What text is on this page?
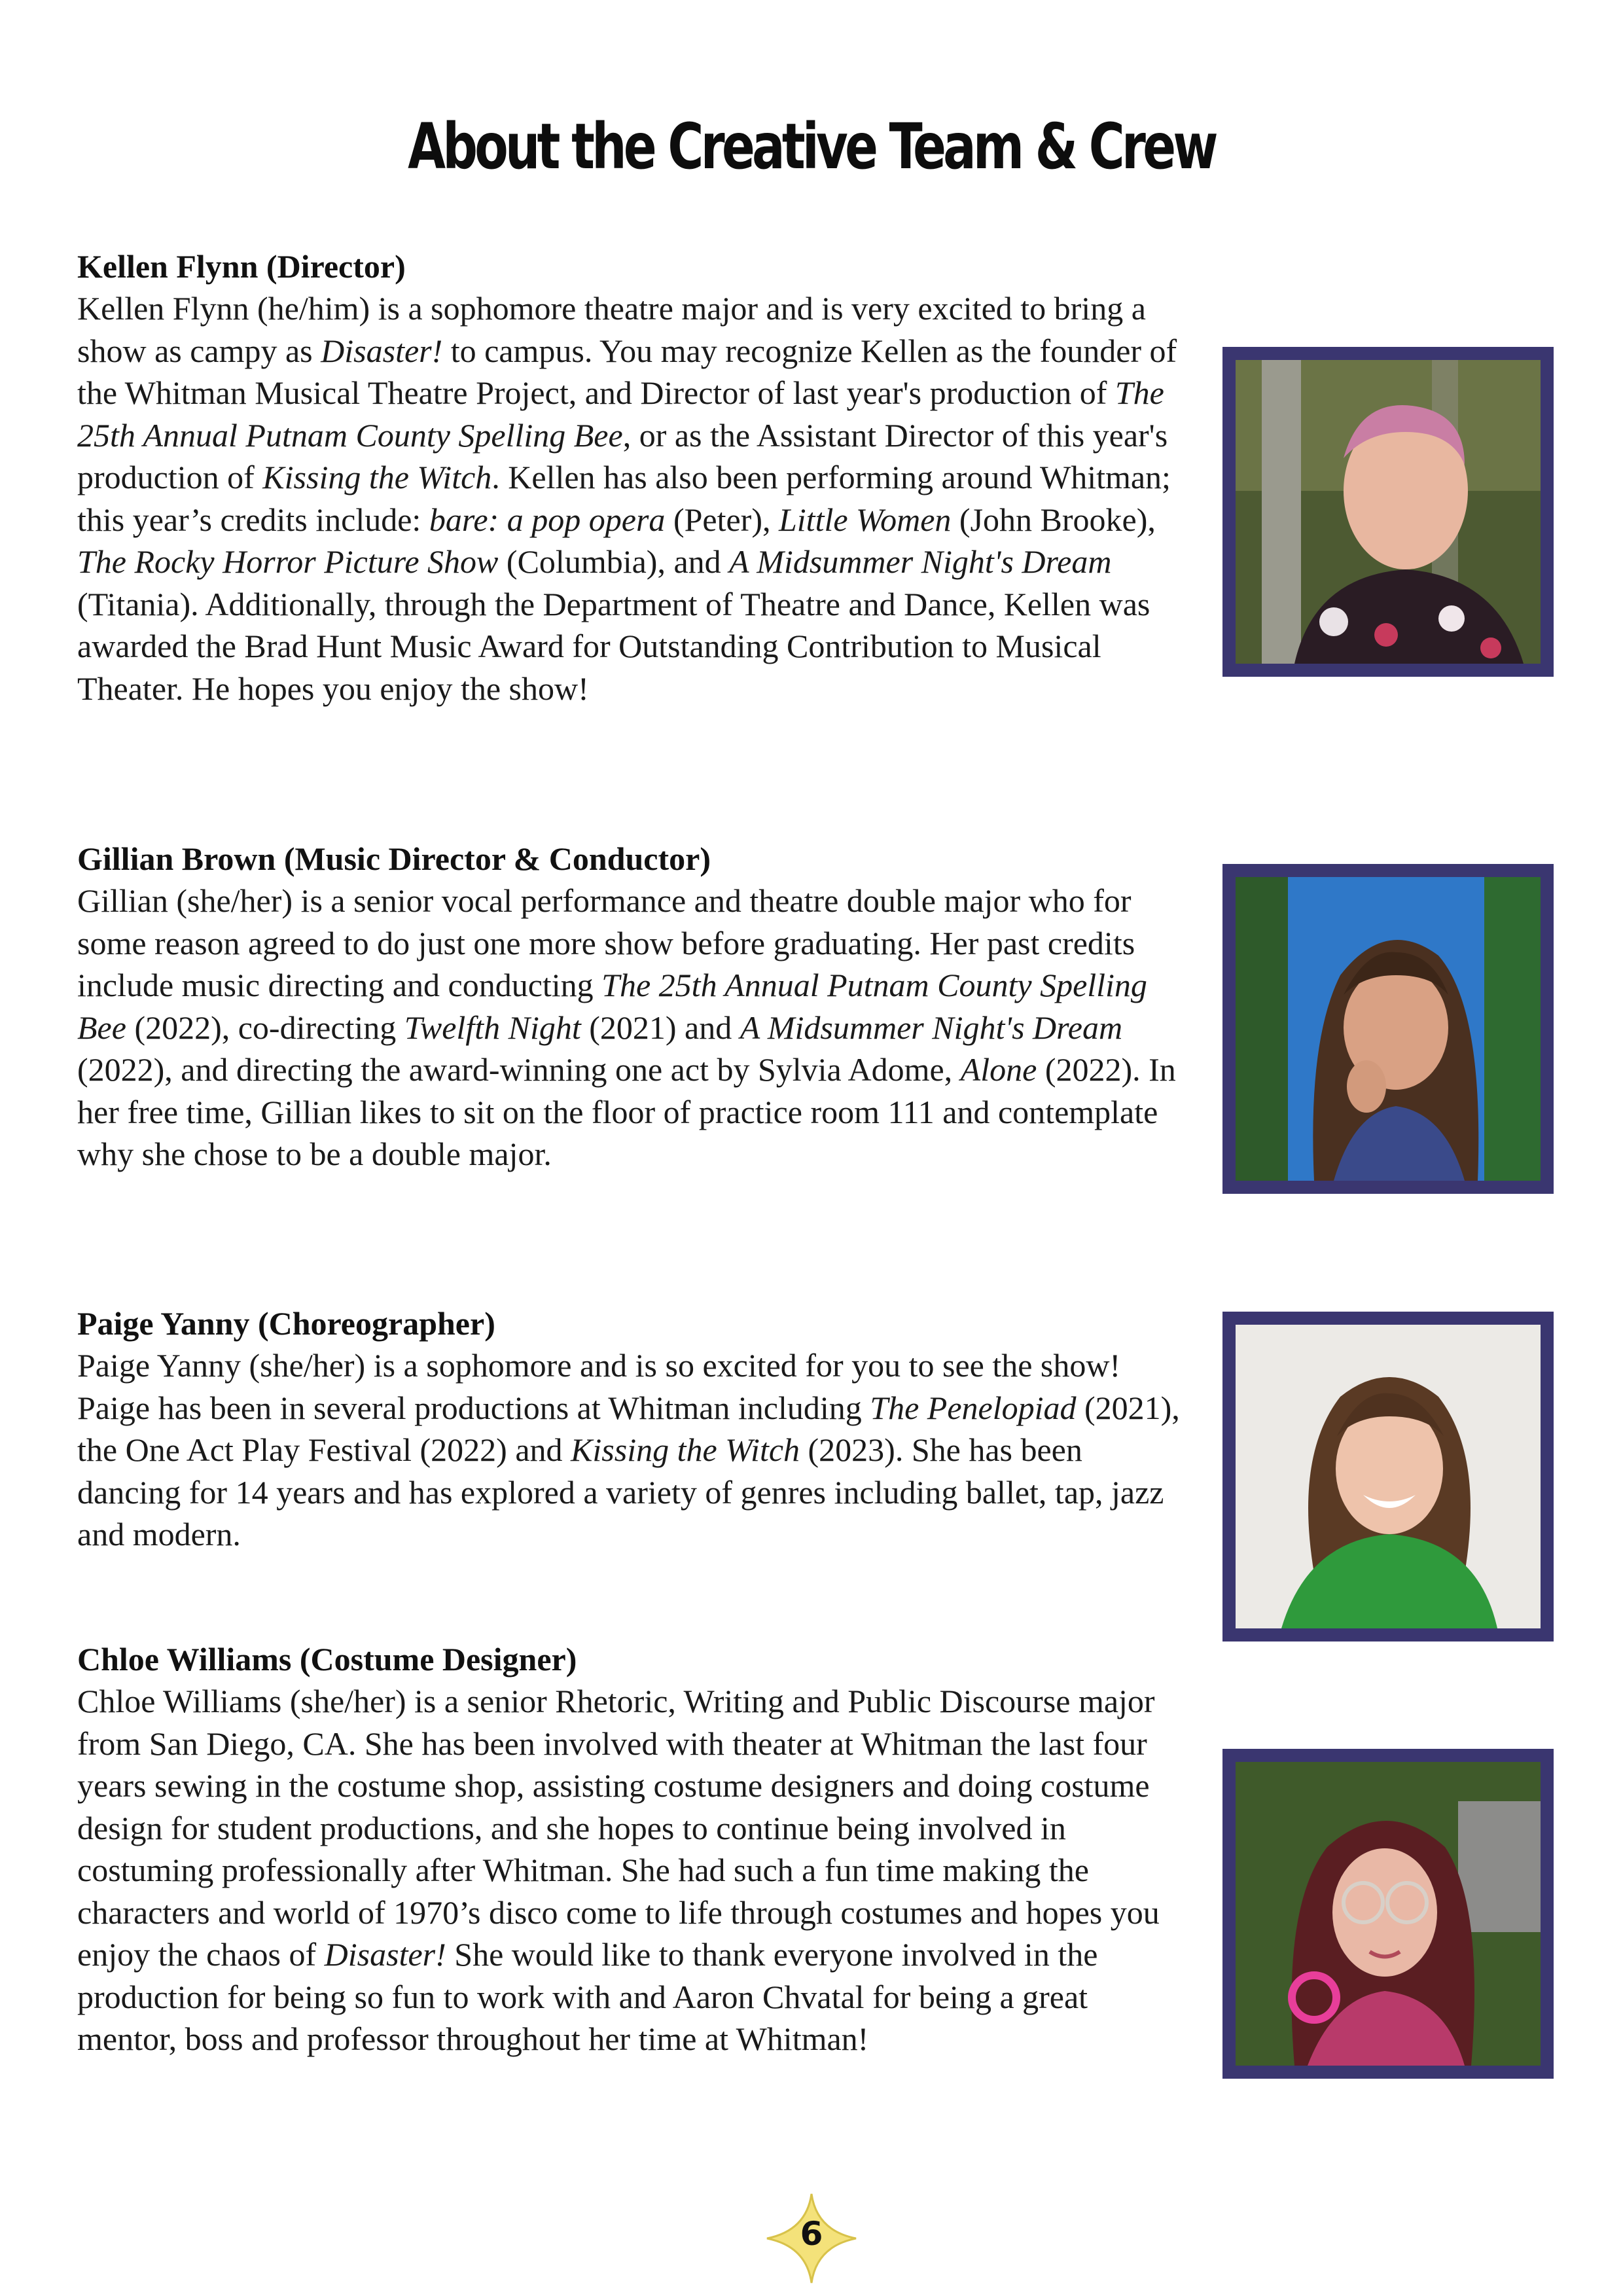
About the Creative Team & Crew
Kellen Flynn (Director)

Kellen Flynn (he/him) is a sophomore theatre major and is very excited to bring a show as campy as Disaster! to campus. You may recognize Kellen as the founder of the Whitman Musical Theatre Project, and Director of last year's production of The 25th Annual Putnam County Spelling Bee, or as the Assistant Director of this year's production of Kissing the Witch. Kellen has also been performing around Whitman; this year’s credits include: bare: a pop opera (Peter), Little Women (John Brooke), The Rocky Horror Picture Show (Columbia), and A Midsummer Night's Dream (Titania). Additionally, through the Department of Theatre and Dance, Kellen was awarded the Brad Hunt Music Award for Outstanding Contribution to Musical Theater. He hopes you enjoy the show!

Gillian Brown (Music Director & Conductor)

Gillian (she/her) is a senior vocal performance and theatre double major who for some reason agreed to do just one more show before graduating. Her past credits include music directing and conducting The 25th Annual Putnam County Spelling Bee (2022), co-directing Twelfth Night (2021) and A Midsummer Night's Dream (2022), and directing the award-winning one act by Sylvia Adome, Alone (2022). In her free time, Gillian likes to sit on the floor of practice room 111 and contemplate why she chose to be a double major.

Paige Yanny (Choreographer)

Paige Yanny (she/her) is a sophomore and is so excited for you to see the show! Paige has been in several productions at Whitman including The Penelopiad (2021), the One Act Play Festival (2022) and Kissing the Witch (2023). She has been dancing for 14 years and has explored a variety of genres including ballet, tap, jazz and modern.

Chloe Williams (Costume Designer)

Chloe Williams (she/her) is a senior Rhetoric, Writing and Public Discourse major from San Diego, CA. She has been involved with theater at Whitman the last four years sewing in the costume shop, assisting costume designers and doing costume design for student productions, and she hopes to continue being involved in costuming professionally after Whitman. She had such a fun time making the characters and world of 1970’s disco come to life through costumes and hopes you enjoy the chaos of Disaster! She would like to thank everyone involved in the production for being so fun to work with and Aaron Chvatal for being a great mentor, boss and professor throughout her time at Whitman!

6
